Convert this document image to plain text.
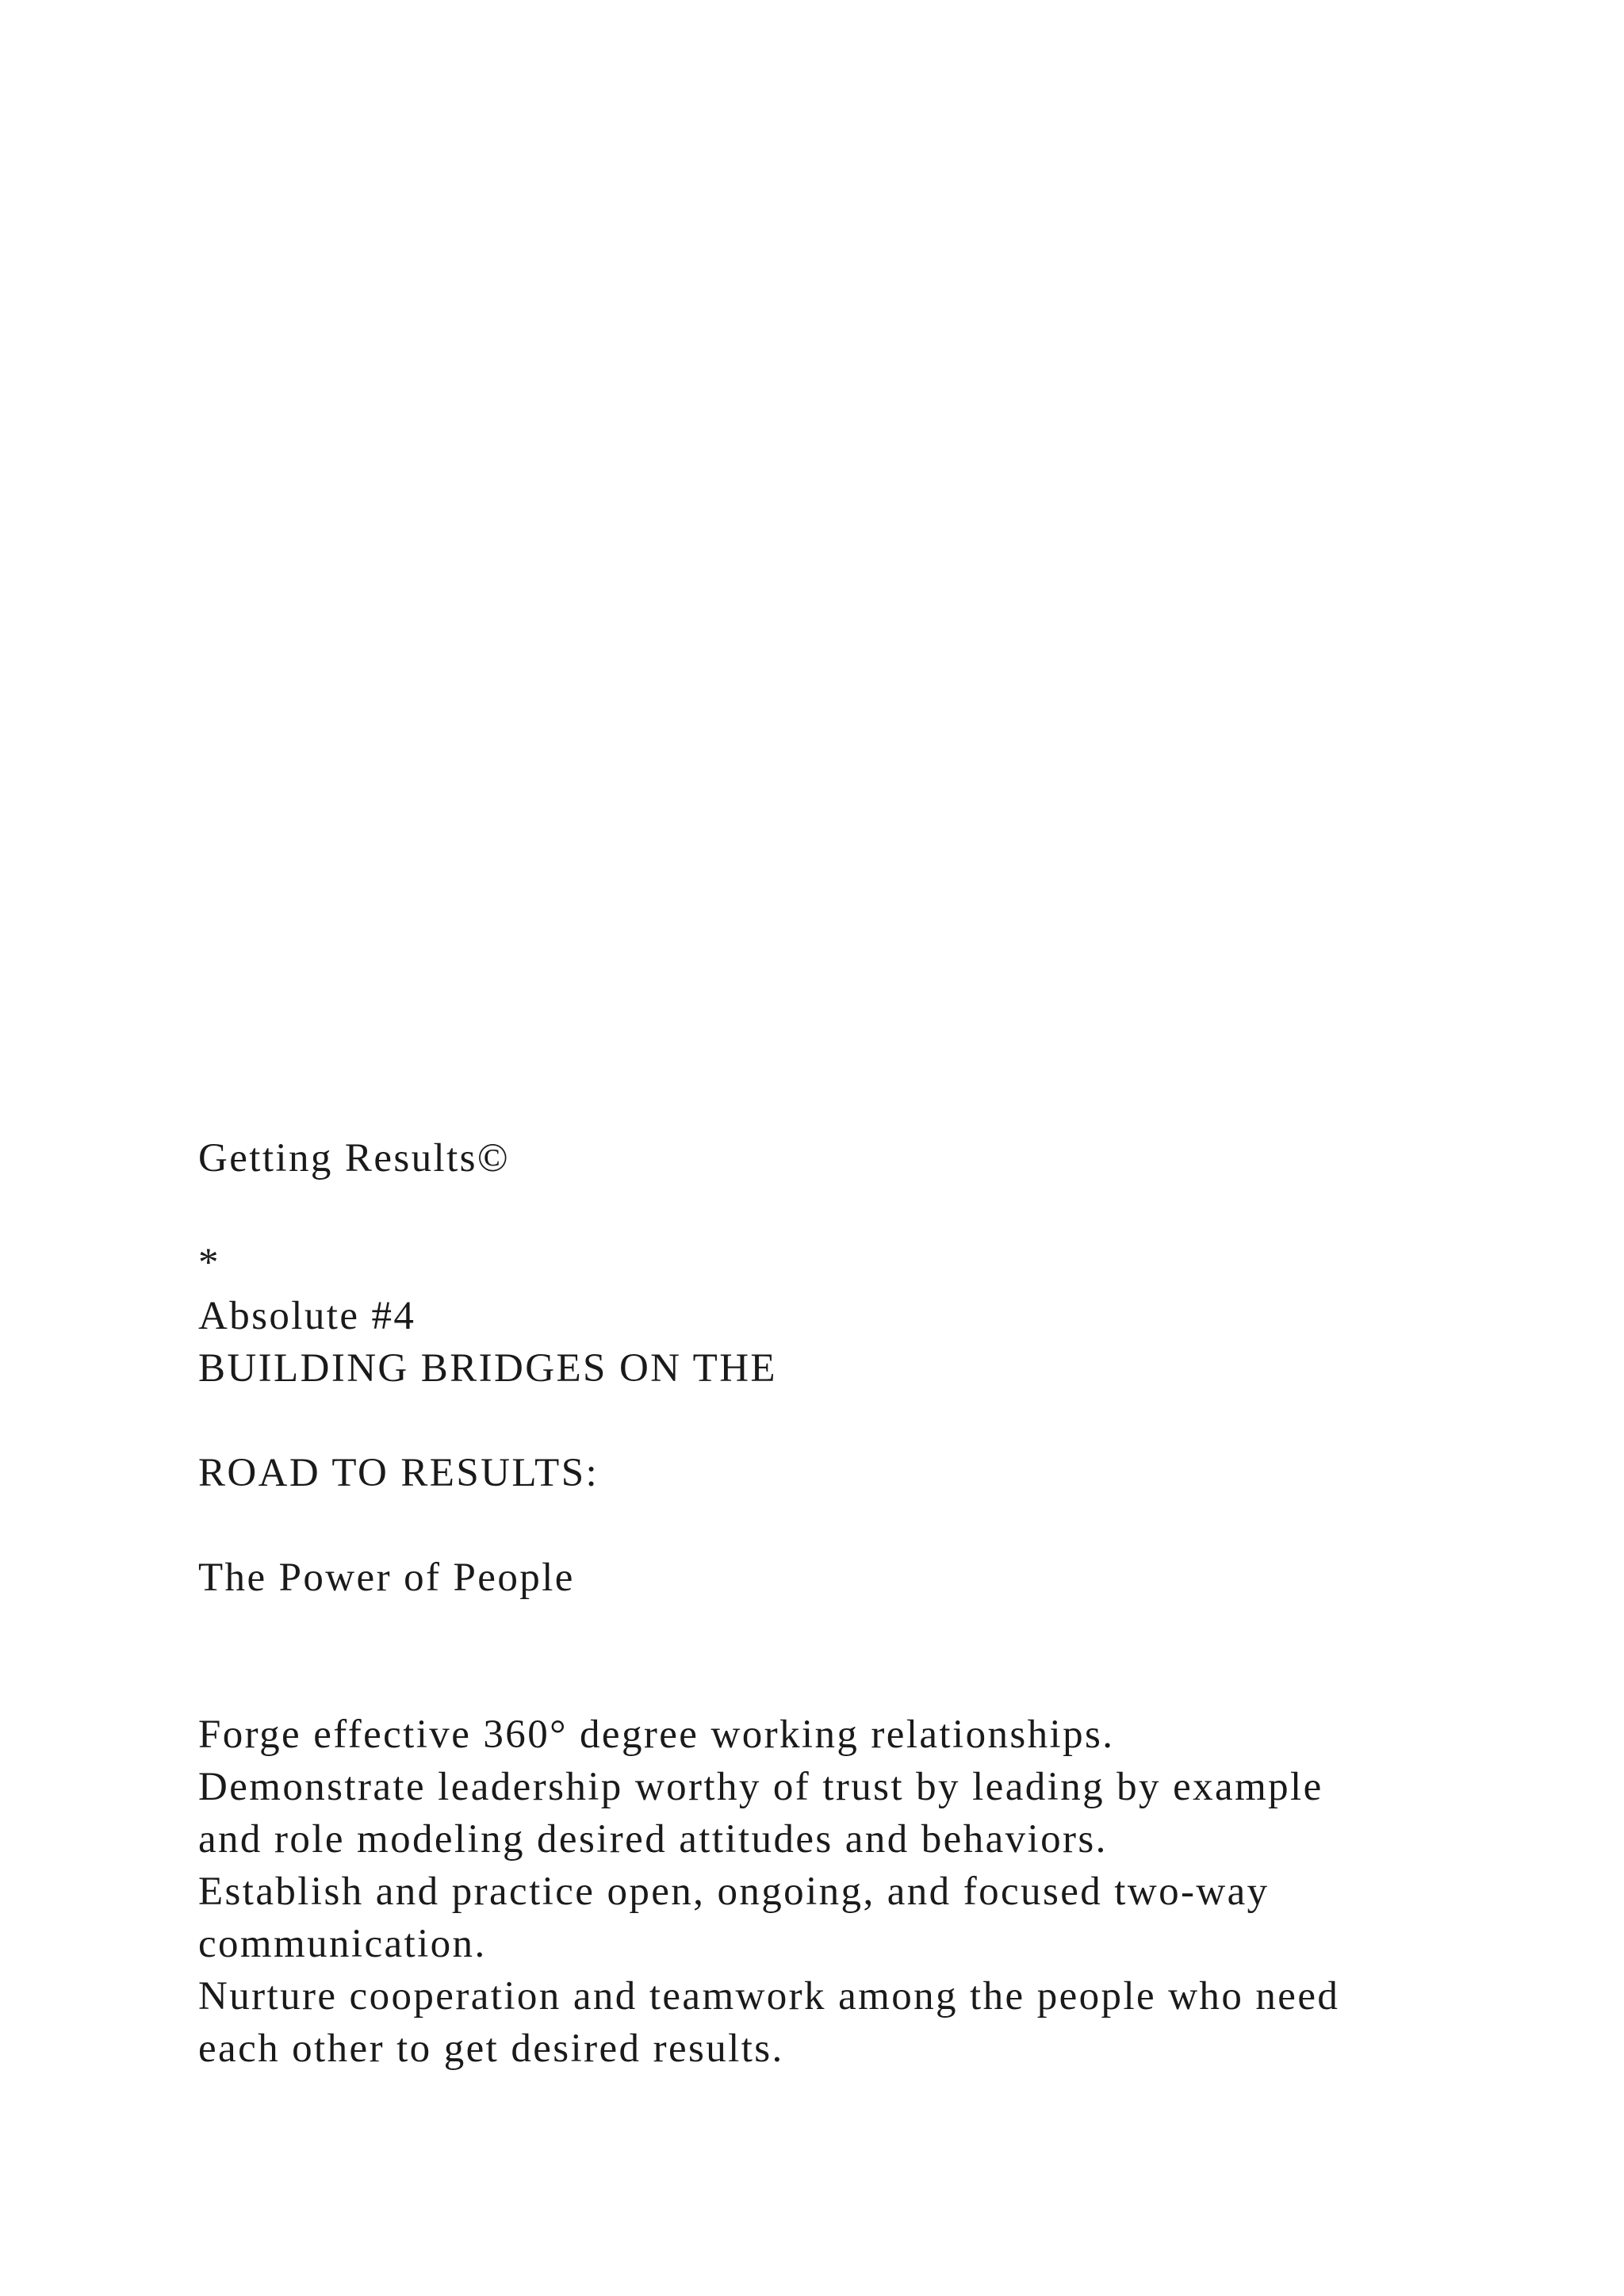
Getting Results©

*

Absolute #4

BUILDING BRIDGES ON THE

ROAD TO RESULTS:

The Power of People

Forge effective 360° degree working relationships.

Demonstrate leadership worthy of trust by leading by example

and role modeling desired attitudes and behaviors.

Establish and practice open, ongoing, and focused two-way

communication.

Nurture cooperation and teamwork among the people who need

each other to get desired results.
